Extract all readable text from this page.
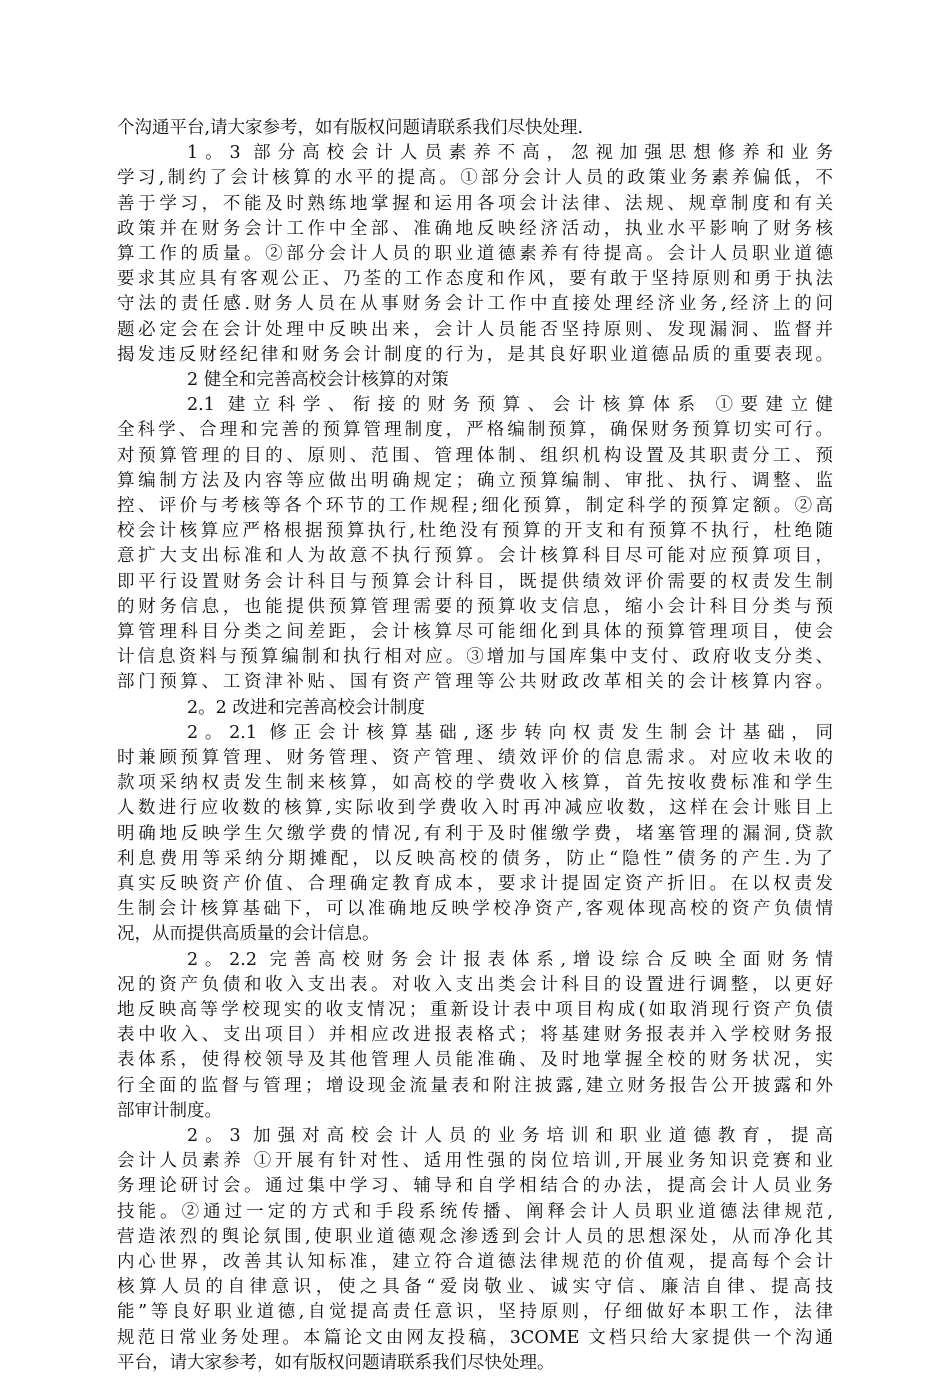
个沟通平台,请大家参考，如有版权问题请联系我们尽快处理.
1。3 部分高校会计人员素养不高，忽视加强思想修养和业务
学习,制约了会计核算的水平的提高。①部分会计人员的政策业务素养偏低，不
善于学习，不能及时熟练地掌握和运用各项会计法律、法规、规章制度和有关
政策并在财务会计工作中全部、准确地反映经济活动，执业水平影响了财务核
算工作的质量。②部分会计人员的职业道德素养有待提高。会计人员职业道德
要求其应具有客观公正、乃荃的工作态度和作风，要有敢于坚持原则和勇于执法
守法的责任感.财务人员在从事财务会计工作中直接处理经济业务,经济上的问
题必定会在会计处理中反映出来，会计人员能否坚持原则、发现漏洞、监督并
揭发违反财经纪律和财务会计制度的行为，是其良好职业道德品质的重要表现。
2 健全和完善高校会计核算的对策
2.1 建立科学、衔接的财务预算、会计核算体系 ①要建立健
全科学、合理和完善的预算管理制度，严格编制预算，确保财务预算切实可行。
对预算管理的目的、原则、范围、管理体制、组织机构设置及其职责分工、预
算编制方法及内容等应做出明确规定；确立预算编制、审批、执行、调整、监
控、评价与考核等各个环节的工作规程;细化预算，制定科学的预算定额。②高
校会计核算应严格根据预算执行,杜绝没有预算的开支和有预算不执行，杜绝随
意扩大支出标准和人为故意不执行预算。会计核算科目尽可能对应预算项目，
即平行设置财务会计科目与预算会计科目，既提供绩效评价需要的权责发生制
的财务信息，也能提供预算管理需要的预算收支信息，缩小会计科目分类与预
算管理科目分类之间差距，会计核算尽可能细化到具体的预算管理项目，使会
计信息资料与预算编制和执行相对应。③增加与国库集中支付、政府收支分类、
部门预算、工资津补贴、国有资产管理等公共财政改革相关的会计核算内容。
2。2 改进和完善高校会计制度
2。2.1 修正会计核算基础,逐步转向权责发生制会计基础，同
时兼顾预算管理、财务管理、资产管理、绩效评价的信息需求。对应收未收的
款项采纳权责发生制来核算，如高校的学费收入核算，首先按收费标准和学生
人数进行应收数的核算,实际收到学费收入时再冲减应收数，这样在会计账目上
明确地反映学生欠缴学费的情况,有利于及时催缴学费，堵塞管理的漏洞,贷款
利息费用等采纳分期摊配，以反映高校的债务，防止“隐性”债务的产生.为了
真实反映资产价值、合理确定教育成本，要求计提固定资产折旧。在以权责发
生制会计核算基础下，可以准确地反映学校净资产,客观体现高校的资产负债情
况，从而提供高质量的会计信息。
2。2.2 完善高校财务会计报表体系,增设综合反映全面财务情
况的资产负债和收入支出表。对收入支出类会计科目的设置进行调整，以更好
地反映高等学校现实的收支情况；重新设计表中项目构成(如取消现行资产负债
表中收入、支出项目）并相应改进报表格式；将基建财务报表并入学校财务报
表体系，使得校领导及其他管理人员能准确、及时地掌握全校的财务状况，实
行全面的监督与管理；增设现金流量表和附注披露,建立财务报告公开披露和外
部审计制度。
2。3 加强对高校会计人员的业务培训和职业道德教育，提高
会计人员素养 ①开展有针对性、适用性强的岗位培训,开展业务知识竞赛和业
务理论研讨会。通过集中学习、辅导和自学相结合的办法，提高会计人员业务
技能。②通过一定的方式和手段系统传播、阐释会计人员职业道德法律规范,
营造浓烈的舆论氛围,使职业道德观念渗透到会计人员的思想深处，从而净化其
内心世界，改善其认知标准，建立符合道德法律规范的价值观，提高每个会计
核算人员的自律意识，使之具备“爱岗敬业、诚实守信、廉洁自律、提高技
能”等良好职业道德,自觉提高责任意识，坚持原则，仔细做好本职工作，法律
规范日常业务处理。本篇论文由网友投稿，3COME 文档只给大家提供一个沟通
平台，请大家参考，如有版权问题请联系我们尽快处理。
